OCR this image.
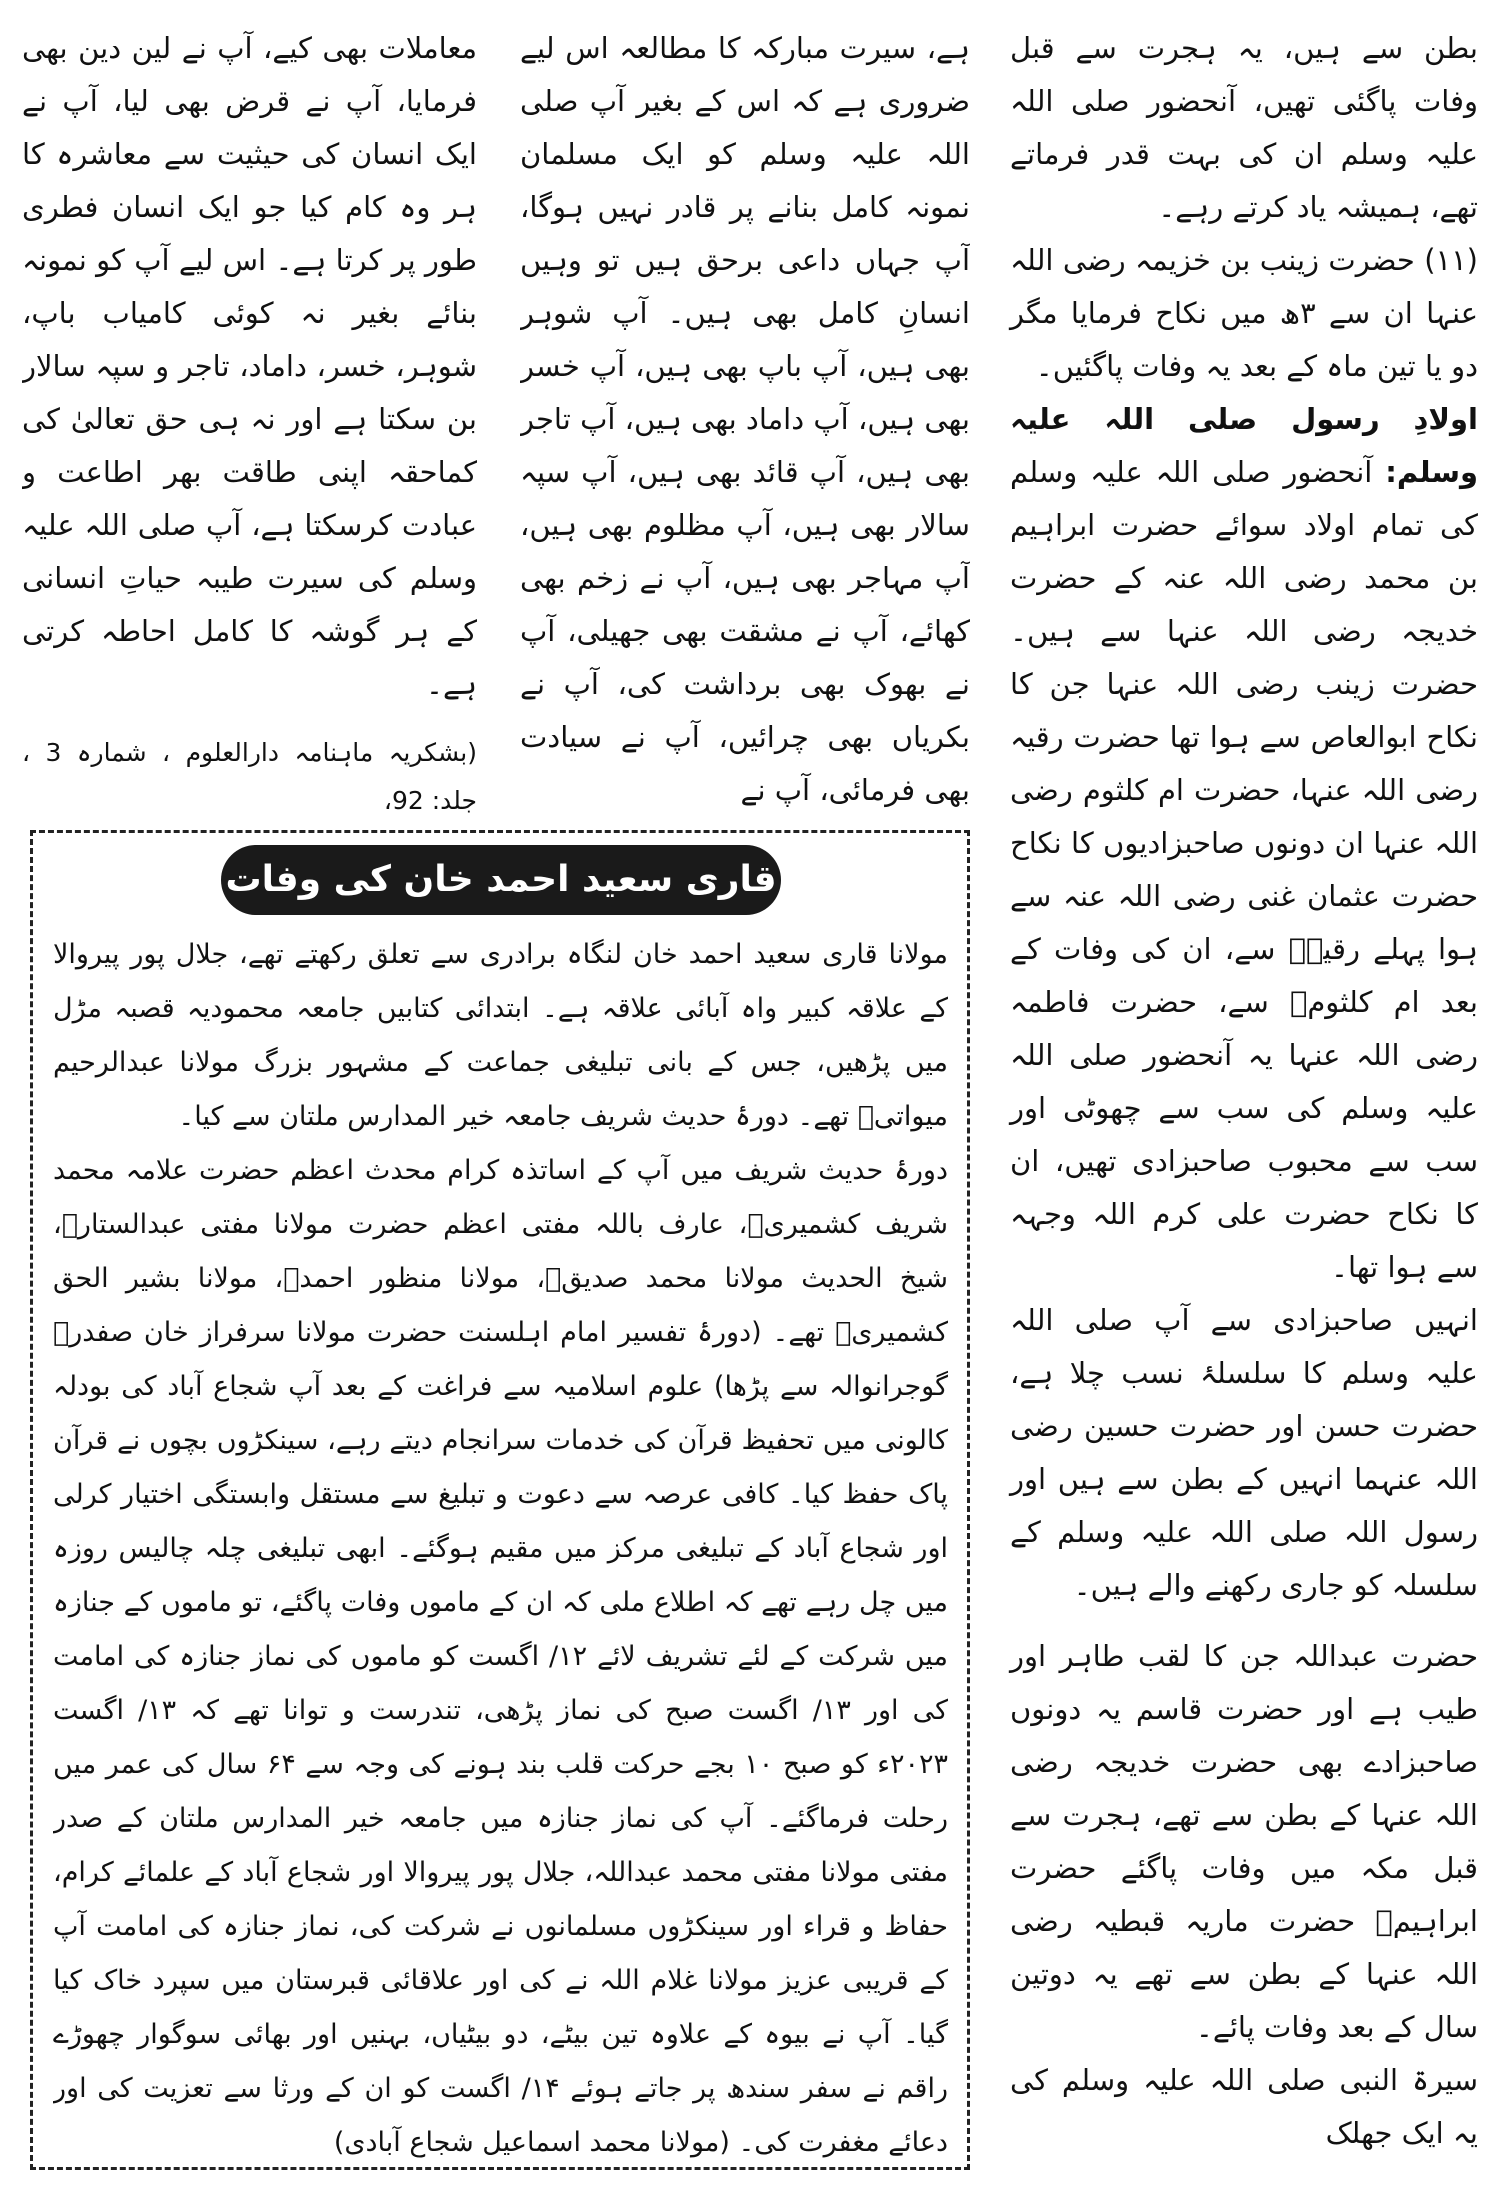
بطن سے ہیں، یہ ہجرت سے قبل وفات پاگئی تھیں، آنحضور صلی اللہ علیہ وسلم ان کی بہت قدر فرماتے تھے، ہمیشہ یاد کرتے رہے۔

(۱۱) حضرت زینب بن خزیمہ رضی اللہ عنہا ان سے ۳ھ میں نکاح فرمایا مگر دو یا تین ماہ کے بعد یہ وفات پاگئیں۔

اولادِ رسول صلی اللہ علیہ وسلم: آنحضور صلی اللہ علیہ وسلم کی تمام اولاد سوائے حضرت ابراہیم بن محمد رضی اللہ عنہ کے حضرت خدیجہ رضی اللہ عنہا سے ہیں۔ حضرت زینب رضی اللہ عنہا جن کا نکاح ابوالعاص سے ہوا تھا حضرت رقیہ رضی اللہ عنہا، حضرت ام کلثوم رضی اللہ عنہا ان دونوں صاحبزادیوں کا نکاح حضرت عثمان غنی رضی اللہ عنہ سے ہوا پہلے رقیہؓ سے، ان کی وفات کے بعد ام کلثومؓ سے، حضرت فاطمہ رضی اللہ عنہا یہ آنحضور صلی اللہ علیہ وسلم کی سب سے چھوٹی اور سب سے محبوب صاحبزادی تھیں، ان کا نکاح حضرت علی کرم اللہ وجہہ سے ہوا تھا۔

انہیں صاحبزادی سے آپ صلی اللہ علیہ وسلم کا سلسلۂ نسب چلا ہے، حضرت حسن اور حضرت حسین رضی اللہ عنہما انہیں کے بطن سے ہیں اور رسول اللہ صلی اللہ علیہ وسلم کے سلسلہ کو جاری رکھنے والے ہیں۔

حضرت عبداللہ جن کا لقب طاہر اور طیب ہے اور حضرت قاسم یہ دونوں صاحبزادے بھی حضرت خدیجہ رضی اللہ عنہا کے بطن سے تھے، ہجرت سے قبل مکہ میں وفات پاگئے حضرت ابراہیمؓ حضرت ماریہ قبطیہ رضی اللہ عنہا کے بطن سے تھے یہ دوتین سال کے بعد وفات پائے۔

سیرۃ النبی صلی اللہ علیہ وسلم کی یہ ایک جھلک

ہے، سیرت مبارکہ کا مطالعہ اس لیے ضروری ہے کہ اس کے بغیر آپ صلی اللہ علیہ وسلم کو ایک مسلمان نمونہ کامل بنانے پر قادر نہیں ہوگا، آپ جہاں داعی برحق ہیں تو وہیں انسانِ کامل بھی ہیں۔ آپ شوہر بھی ہیں، آپ باپ بھی ہیں، آپ خسر بھی ہیں، آپ داماد بھی ہیں، آپ تاجر بھی ہیں، آپ قائد بھی ہیں، آپ سپہ سالار بھی ہیں، آپ مظلوم بھی ہیں، آپ مہاجر بھی ہیں، آپ نے زخم بھی کھائے، آپ نے مشقت بھی جھیلی، آپ نے بھوک بھی برداشت کی، آپ نے بکریاں بھی چرائیں، آپ نے سیادت بھی فرمائی، آپ نے

معاملات بھی کیے، آپ نے لین دین بھی فرمایا، آپ نے قرض بھی لیا، آپ نے ایک انسان کی حیثیت سے معاشرہ کا ہر وہ کام کیا جو ایک انسان فطری طور پر کرتا ہے۔ اس لیے آپ کو نمونہ بنائے بغیر نہ کوئی کامیاب باپ، شوہر، خسر، داماد، تاجر و سپہ سالار بن سکتا ہے اور نہ ہی حق تعالیٰ کی کماحقہ اپنی طاقت بھر اطاعت و عبادت کرسکتا ہے، آپ صلی اللہ علیہ وسلم کی سیرت طیبہ حیاتِ انسانی کے ہر گوشہ کا کامل احاطہ کرتی ہے۔

(بشکریہ ماہنامہ دارالعلوم ، شمارہ 3 ، جلد: 92،

قاری سعید احمد خان کی وفات

مولانا قاری سعید احمد خان لنگاہ برادری سے تعلق رکھتے تھے، جلال پور پیروالا کے علاقہ کبیر واہ آبائی علاقہ ہے۔ ابتدائی کتابیں جامعہ محمودیہ قصبہ مڑل میں پڑھیں، جس کے بانی تبلیغی جماعت کے مشہور بزرگ مولانا عبدالرحیم میواتیؒ تھے۔ دورۂ حدیث شریف جامعہ خیر المدارس ملتان سے کیا۔

دورۂ حدیث شریف میں آپ کے اساتذہ کرام محدث اعظم حضرت علامہ محمد شریف کشمیریؒ، عارف باللہ مفتی اعظم حضرت مولانا مفتی عبدالستارؒ، شیخ الحدیث مولانا محمد صدیقؒ، مولانا منظور احمدؒ، مولانا بشیر الحق کشمیریؒ تھے۔ (دورۂ تفسیر امام اہلسنت حضرت مولانا سرفراز خان صفدرؒ گوجرانوالہ سے پڑھا) علوم اسلامیہ سے فراغت کے بعد آپ شجاع آباد کی بودلہ کالونی میں تحفیظ قرآن کی خدمات سرانجام دیتے رہے، سینکڑوں بچوں نے قرآن پاک حفظ کیا۔ کافی عرصہ سے دعوت و تبلیغ سے مستقل وابستگی اختیار کرلی اور شجاع آباد کے تبلیغی مرکز میں مقیم ہوگئے۔ ابھی تبلیغی چلہ چالیس روزہ میں چل رہے تھے کہ اطلاع ملی کہ ان کے ماموں وفات پاگئے، تو ماموں کے جنازہ میں شرکت کے لئے تشریف لائے ۱۲/ اگست کو ماموں کی نماز جنازہ کی امامت کی اور ۱۳/ اگست صبح کی نماز پڑھی، تندرست و توانا تھے کہ ۱۳/ اگست ۲۰۲۳ء کو صبح ۱۰ بجے حرکت قلب بند ہونے کی وجہ سے ۶۴ سال کی عمر میں رحلت فرماگئے۔ آپ کی نماز جنازہ میں جامعہ خیر المدارس ملتان کے صدر مفتی مولانا مفتی محمد عبداللہ، جلال پور پیروالا اور شجاع آباد کے علمائے کرام، حفاظ و قراء اور سینکڑوں مسلمانوں نے شرکت کی، نماز جنازہ کی امامت آپ کے قریبی عزیز مولانا غلام اللہ نے کی اور علاقائی قبرستان میں سپرد خاک کیا گیا۔ آپ نے بیوہ کے علاوہ تین بیٹے، دو بیٹیاں، بہنیں اور بھائی سوگوار چھوڑے راقم نے سفر سندھ پر جاتے ہوئے ۱۴/ اگست کو ان کے ورثا سے تعزیت کی اور دعائے مغفرت کی۔ (مولانا محمد اسماعیل شجاع آبادی)
